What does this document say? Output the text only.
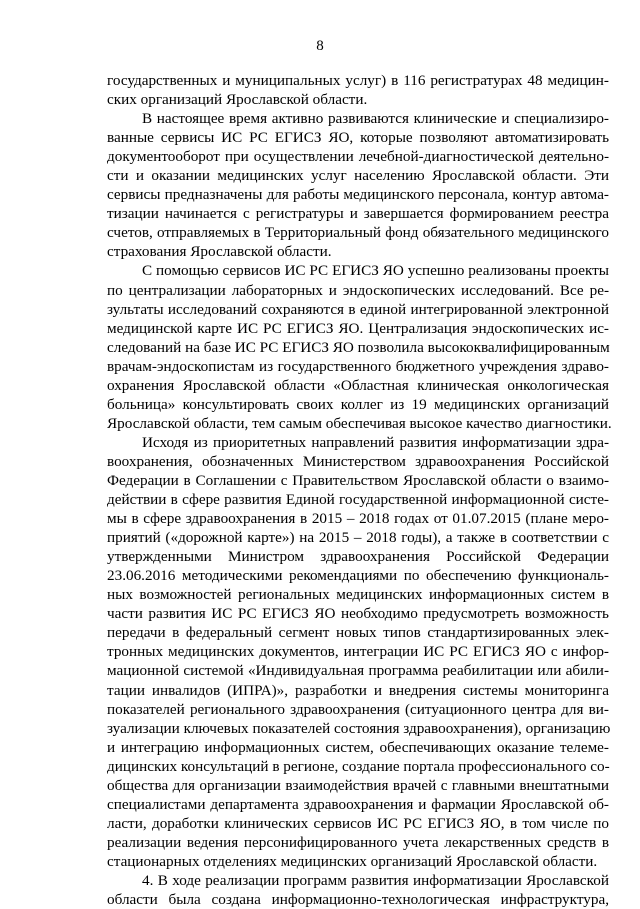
8
государственных и муниципальных услуг) в 116 регистратурах 48 медицин-
ских организаций Ярославской области.
В настоящее время активно развиваются клинические и специализиро-
ванные сервисы ИС РС ЕГИСЗ ЯО, которые позволяют автоматизировать
документооборот при осуществлении лечебной-диагностической деятельно-
сти и оказании медицинских услуг населению Ярославской области. Эти
сервисы предназначены для работы медицинского персонала, контур автома-
тизации начинается с регистратуры и завершается формированием реестра
счетов, отправляемых в Территориальный фонд обязательного медицинского
страхования Ярославской области.
С помощью сервисов ИС РС ЕГИСЗ ЯО успешно реализованы проекты
по централизации лабораторных и эндоскопических исследований. Все ре-
зультаты исследований сохраняются в единой интегрированной электронной
медицинской карте ИС РС ЕГИСЗ ЯО. Централизация эндоскопических ис-
следований на базе ИС РС ЕГИСЗ ЯО позволила высококвалифицированным
врачам-эндоскопистам из государственного бюджетного учреждения здраво-
охранения Ярославской области «Областная клиническая онкологическая
больница» консультировать своих коллег из 19 медицинских организаций
Ярославской области, тем самым обеспечивая высокое качество диагностики.
Исходя из приоритетных направлений развития информатизации здра-
воохранения, обозначенных Министерством здравоохранения Российской
Федерации в Соглашении с Правительством Ярославской области о взаимо-
действии в сфере развития Единой государственной информационной систе-
мы в сфере здравоохранения в 2015 – 2018 годах от 01.07.2015 (плане меро-
приятий («дорожной карте») на 2015 – 2018 годы), а также в соответствии с
утвержденными Министром здравоохранения Российской Федерации
23.06.2016 методическими рекомендациями по обеспечению функциональ-
ных возможностей региональных медицинских информационных систем в
части развития ИС РС ЕГИСЗ ЯО необходимо предусмотреть возможность
передачи в федеральный сегмент новых типов стандартизированных элек-
тронных медицинских документов, интеграции ИС РС ЕГИСЗ ЯО с инфор-
мационной системой «Индивидуальная программа реабилитации или абили-
тации инвалидов (ИПРА)», разработки и внедрения системы мониторинга
показателей регионального здравоохранения (ситуационного центра для ви-
зуализации ключевых показателей состояния здравоохранения), организацию
и интеграцию информационных систем, обеспечивающих оказание телеме-
дицинских консультаций в регионе, создание портала профессионального со-
общества для организации взаимодействия врачей с главными внештатными
специалистами департамента здравоохранения и фармации Ярославской об-
ласти, доработки клинических сервисов ИС РС ЕГИСЗ ЯО, в том числе по
реализации ведения персонифицированного учета лекарственных средств в
стационарных отделениях медицинских организаций Ярославской области.
4. В ходе реализации программ развития информатизации Ярославской
области была создана информационно-технологическая инфраструктура,
